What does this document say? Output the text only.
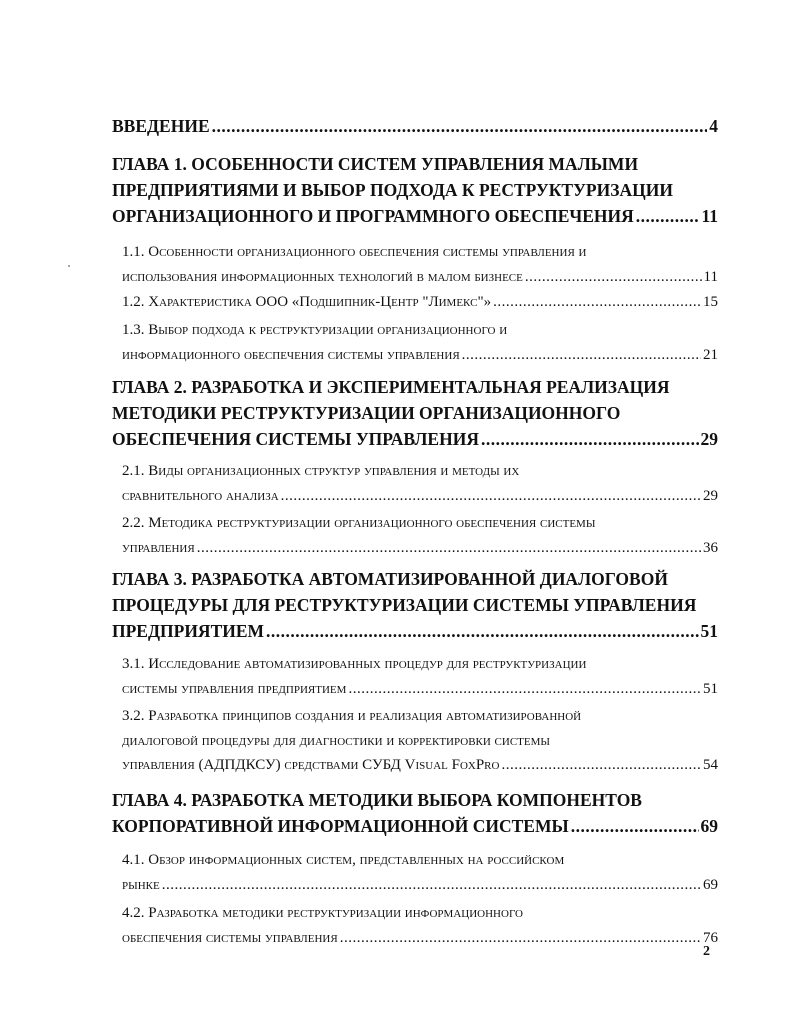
ВВЕДЕНИЕ .....	4
ГЛАВА 1. ОСОБЕННОСТИ СИСТЕМ УПРАВЛЕНИЯ МАЛЫМИ
ПРЕДПРИЯТИЯМИ И ВЫБОР ПОДХОДА К РЕСТРУКТУРИЗАЦИИ
ОРГАНИЗАЦИОННОГО И ПРОГРАММНОГО ОБЕСПЕЧЕНИЯ .....	11
1.1. Особенности организационного обеспечения системы управления и
использования информационных технологий в малом бизнесе .....	11
1.2. Характеристика ООО «Подшипник-Центр "Лимекс"» .....	15
1.3. Выбор подхода к реструктуризации организационного и
информационного обеспечения системы управления .....	21
ГЛАВА 2. РАЗРАБОТКА И ЭКСПЕРИМЕНТАЛЬНАЯ РЕАЛИЗАЦИЯ
МЕТОДИКИ РЕСТРУКТУРИЗАЦИИ ОРГАНИЗАЦИОННОГО
ОБЕСПЕЧЕНИЯ СИСТЕМЫ УПРАВЛЕНИЯ .....	29
2.1. Виды организационных структур управления и методы их
сравнительного анализа .....	29
2.2. Методика реструктуризации организационного обеспечения системы
управления .....	36
ГЛАВА 3. РАЗРАБОТКА АВТОМАТИЗИРОВАННОЙ ДИАЛОГОВОЙ
ПРОЦЕДУРЫ ДЛЯ РЕСТРУКТУРИЗАЦИИ СИСТЕМЫ УПРАВЛЕНИЯ
ПРЕДПРИЯТИЕМ .....	51
3.1. Исследование автоматизированных процедур для реструктуризации
системы управления предприятием .....	51
3.2. Разработка принципов создания и реализация автоматизированной
диалоговой процедуры для диагностики и корректировки системы
управления (АДПДКСУ) средствами СУБД Visual FoxPro .....	54
ГЛАВА 4. РАЗРАБОТКА МЕТОДИКИ ВЫБОРА КОМПОНЕНТОВ
КОРПОРАТИВНОЙ ИНФОРМАЦИОННОЙ СИСТЕМЫ .....	69
4.1. Обзор информационных систем, представленных на российском
рынке .....	69
4.2. Разработка методики реструктуризации информационного
обеспечения системы управления .....	76
2
